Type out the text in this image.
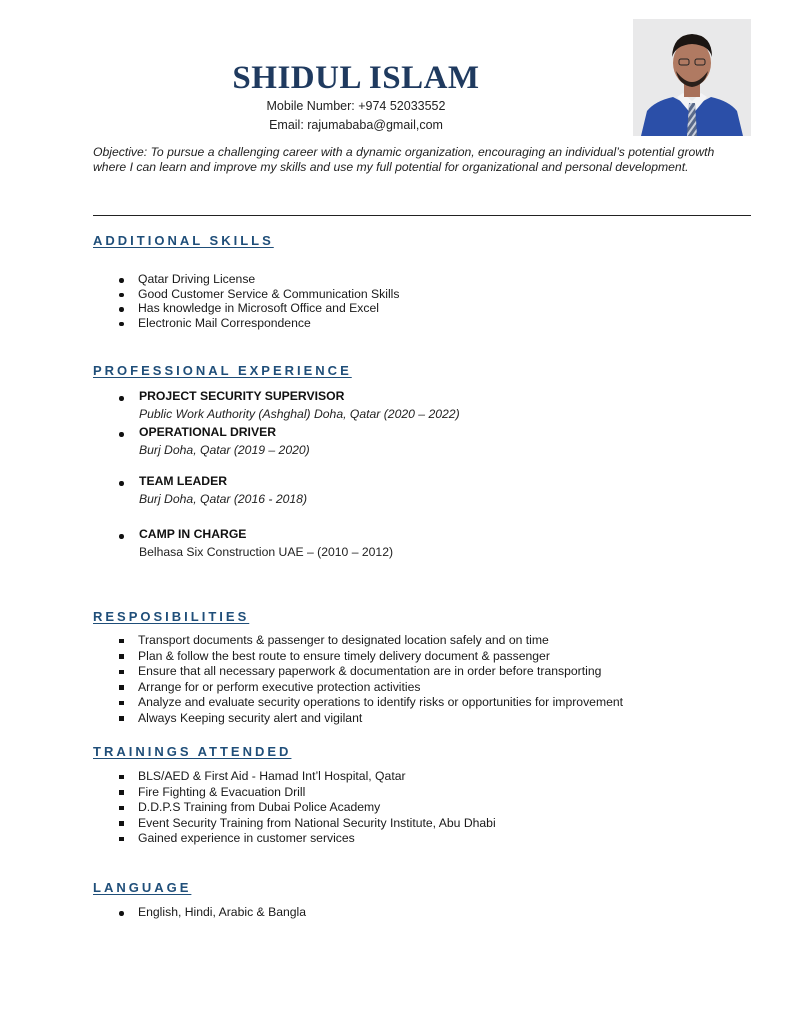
SHIDUL ISLAM
Mobile Number: +974 52033552
Email: rajumababa@gmail,com
Objective: To pursue a challenging career with a dynamic organization, encouraging an individual’s potential growth where I can learn and improve my skills and use my full potential for organizational and personal development.
ADDITIONAL SKILLS
Qatar Driving License
Good Customer Service & Communication Skills
Has knowledge in Microsoft Office and Excel
Electronic Mail Correspondence
PROFESSIONAL EXPERIENCE
PROJECT SECURITY SUPERVISOR
Public Work Authority (Ashghal) Doha, Qatar (2020 – 2022)
OPERATIONAL DRIVER
Burj Doha, Qatar (2019 – 2020)
TEAM LEADER
Burj Doha, Qatar (2016 - 2018)
CAMP IN CHARGE
Belhasa Six Construction UAE – (2010 – 2012)
RESPOSIBILITIES
Transport documents & passenger to designated location safely and on time
Plan & follow the best route to ensure timely delivery document & passenger
Ensure that all necessary paperwork & documentation are in order before transporting
Arrange for or perform executive protection activities
Analyze and evaluate security operations to identify risks or opportunities for improvement
Always Keeping security alert and vigilant
TRAININGS ATTENDED
BLS/AED & First Aid - Hamad Int’l Hospital, Qatar
Fire Fighting & Evacuation Drill
D.D.P.S Training from Dubai Police Academy
Event Security Training from National Security Institute, Abu Dhabi
Gained experience in customer services
LANGUAGE
English, Hindi, Arabic & Bangla
